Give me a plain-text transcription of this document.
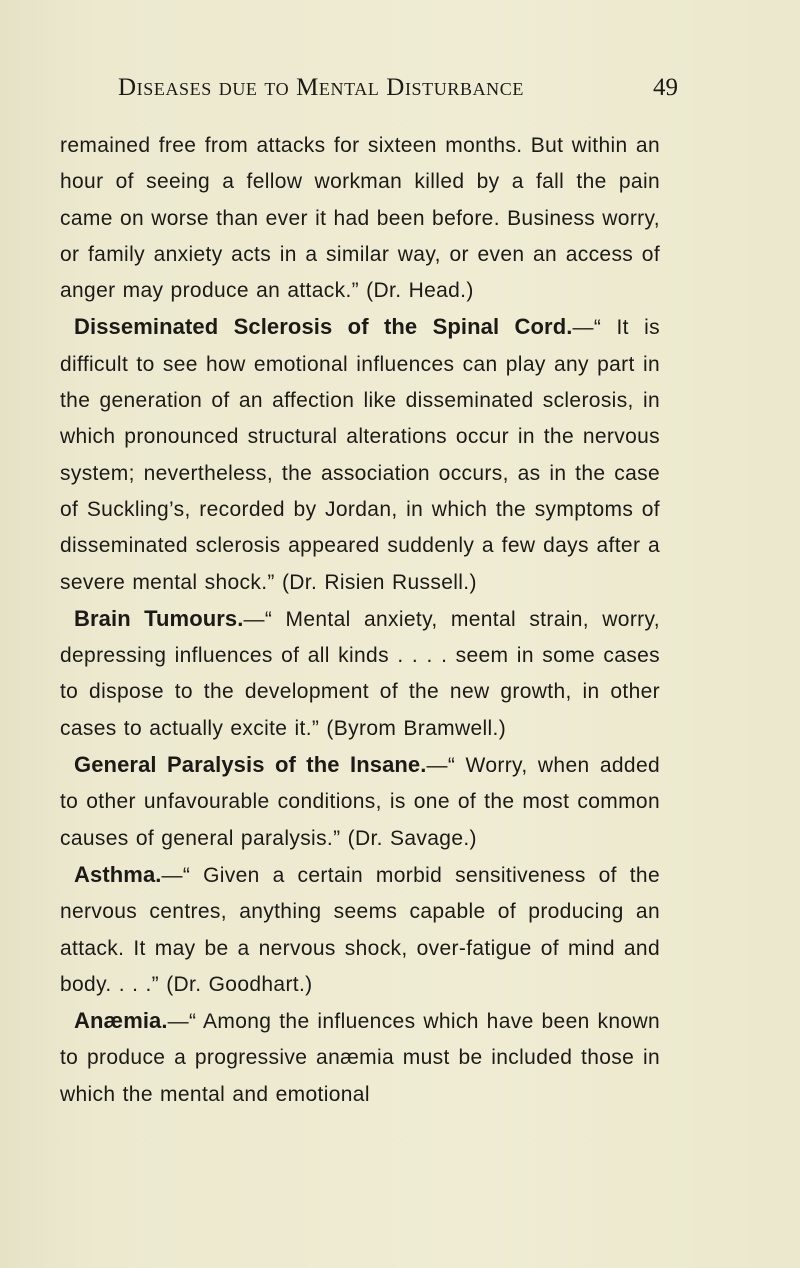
Diseases due to Mental Disturbance	49

remained free from attacks for sixteen months. But within an hour of seeing a fellow workman killed by a fall the pain came on worse than ever it had been before. Business worry, or family anxiety acts in a similar way, or even an access of anger may produce an attack.” (Dr. Head.)

Disseminated Sclerosis of the Spinal Cord.—“ It is difficult to see how emotional influences can play any part in the generation of an affection like disseminated sclerosis, in which pronounced structural alterations occur in the nervous system; nevertheless, the association occurs, as in the case of Suckling’s, recorded by Jordan, in which the symptoms of disseminated sclerosis appeared suddenly a few days after a severe mental shock.” (Dr. Risien Russell.)

Brain Tumours.—“ Mental anxiety, mental strain, worry, depressing influences of all kinds . . . . seem in some cases to dispose to the development of the new growth, in other cases to actually excite it.” (Byrom Bramwell.)

General Paralysis of the Insane.—“ Worry, when added to other unfavourable conditions, is one of the most common causes of general paralysis.” (Dr. Savage.)

Asthma.—“ Given a certain morbid sensitiveness of the nervous centres, anything seems capable of producing an attack. It may be a nervous shock, over-fatigue of mind and body. . . .” (Dr. Goodhart.)

Anæmia.—“ Among the influences which have been known to produce a progressive anæmia must be included those in which the mental and emotional
